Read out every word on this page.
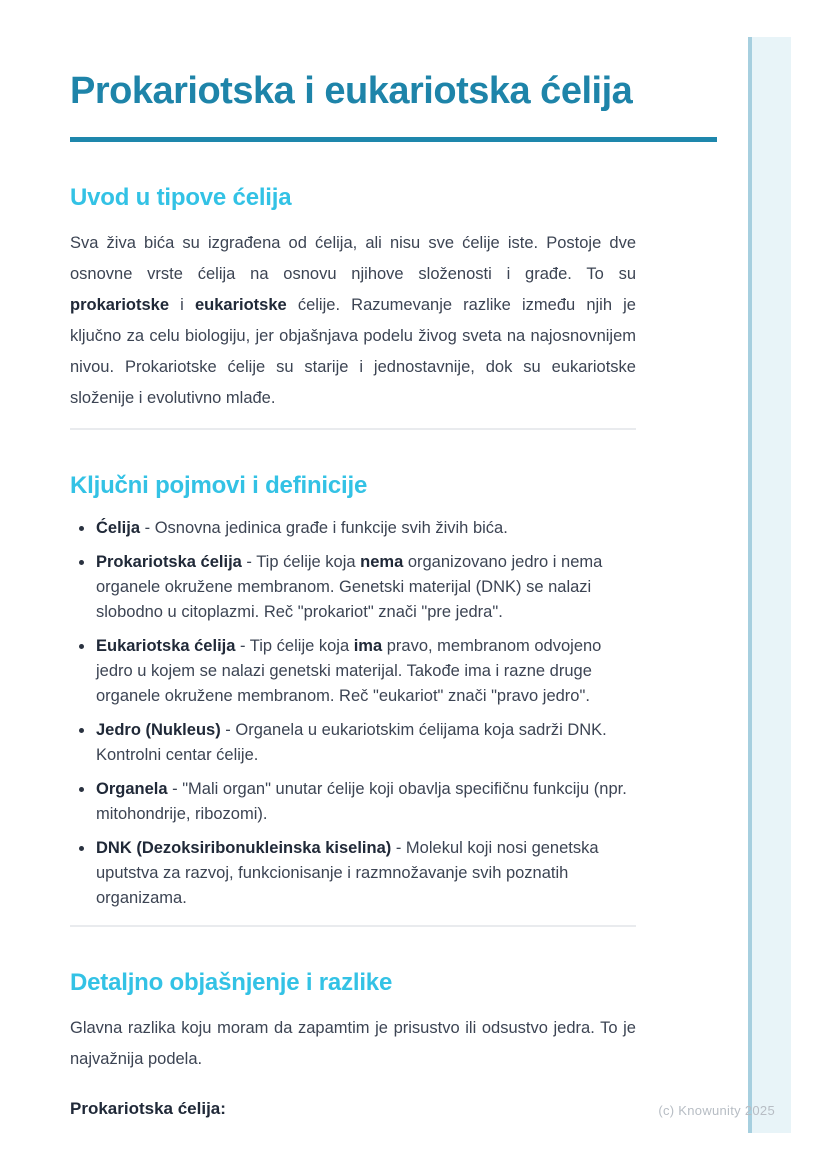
Prokariotska i eukariotska ćelija
Uvod u tipove ćelija

Sva živa bića su izgrađena od ćelija, ali nisu sve ćelije iste. Postoje dve osnovne vrste ćelija na osnovu njihove složenosti i građe. To su prokariotske i eukariotske ćelije. Razumevanje razlike između njih je ključno za celu biologiju, jer objašnjava podelu živog sveta na najosnovnijem nivou. Prokariotske ćelije su starije i jednostavnije, dok su eukariotske složenije i evolutivno mlađe.

Ključni pojmovi i definicije
Ćelija - Osnovna jedinica građe i funkcije svih živih bića.
Prokariotska ćelija - Tip ćelije koja nema organizovano jedro i nema organele okružene membranom. Genetski materijal (DNK) se nalazi slobodno u citoplazmi. Reč "prokariot" znači "pre jedra".
Eukariotska ćelija - Tip ćelije koja ima pravo, membranom odvojeno jedro u kojem se nalazi genetski materijal. Takođe ima i razne druge organele okružene membranom. Reč "eukariot" znači "pravo jedro".
Jedro (Nukleus) - Organela u eukariotskim ćelijama koja sadrži DNK. Kontrolni centar ćelije.
Organela - "Mali organ" unutar ćelije koji obavlja specifičnu funkciju (npr. mitohondrije, ribozomi).
DNK (Dezoksiribonukleinska kiselina) - Molekul koji nosi genetska uputstva za razvoj, funkcionisanje i razmnožavanje svih poznatih organizama.
Detaljno objašnjenje i razlike

Glavna razlika koju moram da zapamtim je prisustvo ili odsustvo jedra. To je najvažnija podela.

Prokariotska ćelija:	(c) Knowunity 2025
